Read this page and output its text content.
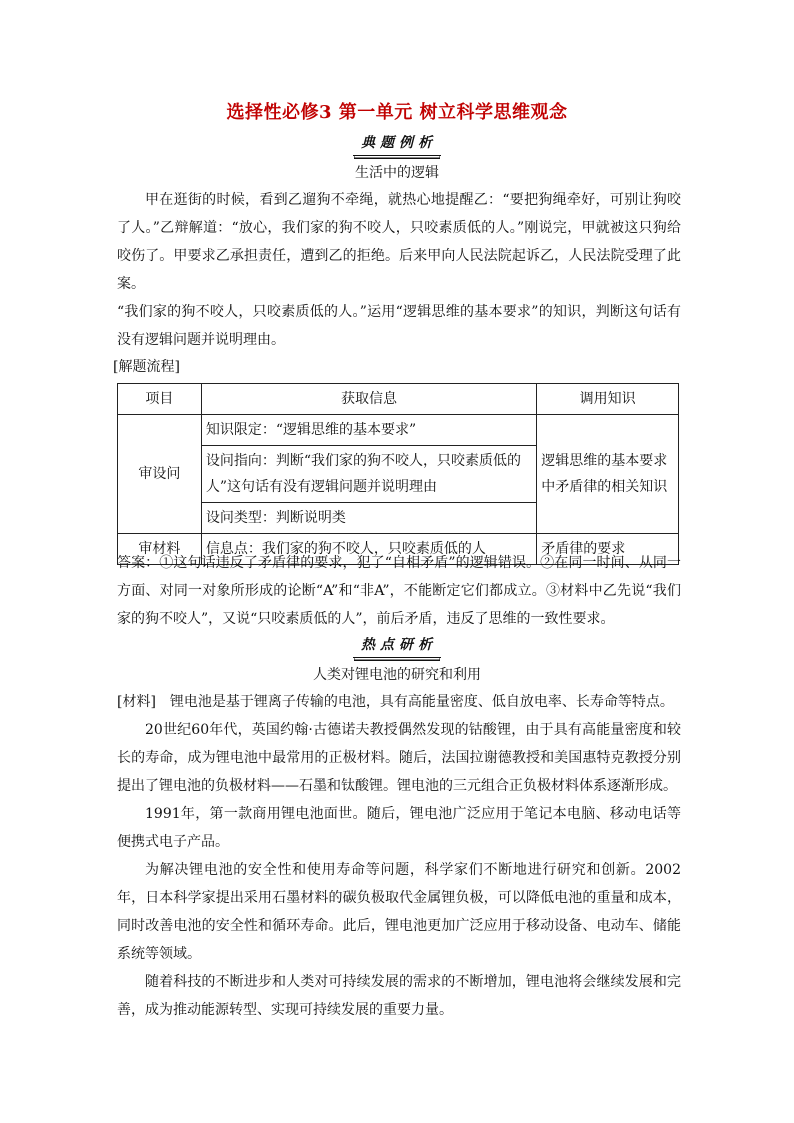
选择性必修3 第一单元 树立科学思维观念
典题例析
生活中的逻辑

甲在逛街的时候，看到乙遛狗不牵绳，就热心地提醒乙：“要把狗绳牵好，可别让狗咬了人。”乙辩解道：“放心，我们家的狗不咬人，只咬素质低的人。”刚说完，甲就被这只狗给咬伤了。甲要求乙承担责任，遭到乙的拒绝。后来甲向人民法院起诉乙，人民法院受理了此案。

“我们家的狗不咬人，只咬素质低的人。”运用“逻辑思维的基本要求”的知识，判断这句话有没有逻辑问题并说明理由。

[解题流程]

项目	获取信息	调用知识
审设问	知识限定：“逻辑思维的基本要求”	逻辑思维的基本要求中矛盾律的相关知识
	设问指向：判断“我们家的狗不咬人，只咬素质低的人”这句话有没有逻辑问题并说明理由	
	设问类型：判断说明类	
审材料	信息点：我们家的狗不咬人，只咬素质低的人	矛盾律的要求

答案：①这句话违反了矛盾律的要求，犯了“自相矛盾”的逻辑错误。②在同一时间、从同一方面、对同一对象所形成的论断“A”和“非A”，不能断定它们都成立。③材料中乙先说“我们家的狗不咬人”，又说“只咬素质低的人”，前后矛盾，违反了思维的一致性要求。

热点研析
人类对锂电池的研究和利用

[材料]　锂电池是基于锂离子传输的电池，具有高能量密度、低自放电率、长寿命等特点。

20世纪60年代，英国约翰·古德诺夫教授偶然发现的钴酸锂，由于具有高能量密度和较长的寿命，成为锂电池中最常用的正极材料。随后，法国拉谢德教授和美国惠特克教授分别提出了锂电池的负极材料——石墨和钛酸锂。锂电池的三元组合正负极材料体系逐渐形成。

1991年，第一款商用锂电池面世。随后，锂电池广泛应用于笔记本电脑、移动电话等便携式电子产品。

为解决锂电池的安全性和使用寿命等问题，科学家们不断地进行研究和创新。2002年，日本科学家提出采用石墨材料的碳负极取代金属锂负极，可以降低电池的重量和成本，同时改善电池的安全性和循环寿命。此后，锂电池更加广泛应用于移动设备、电动车、储能系统等领域。

随着科技的不断进步和人类对可持续发展的需求的不断增加，锂电池将会继续发展和完善，成为推动能源转型、实现可持续发展的重要力量。
